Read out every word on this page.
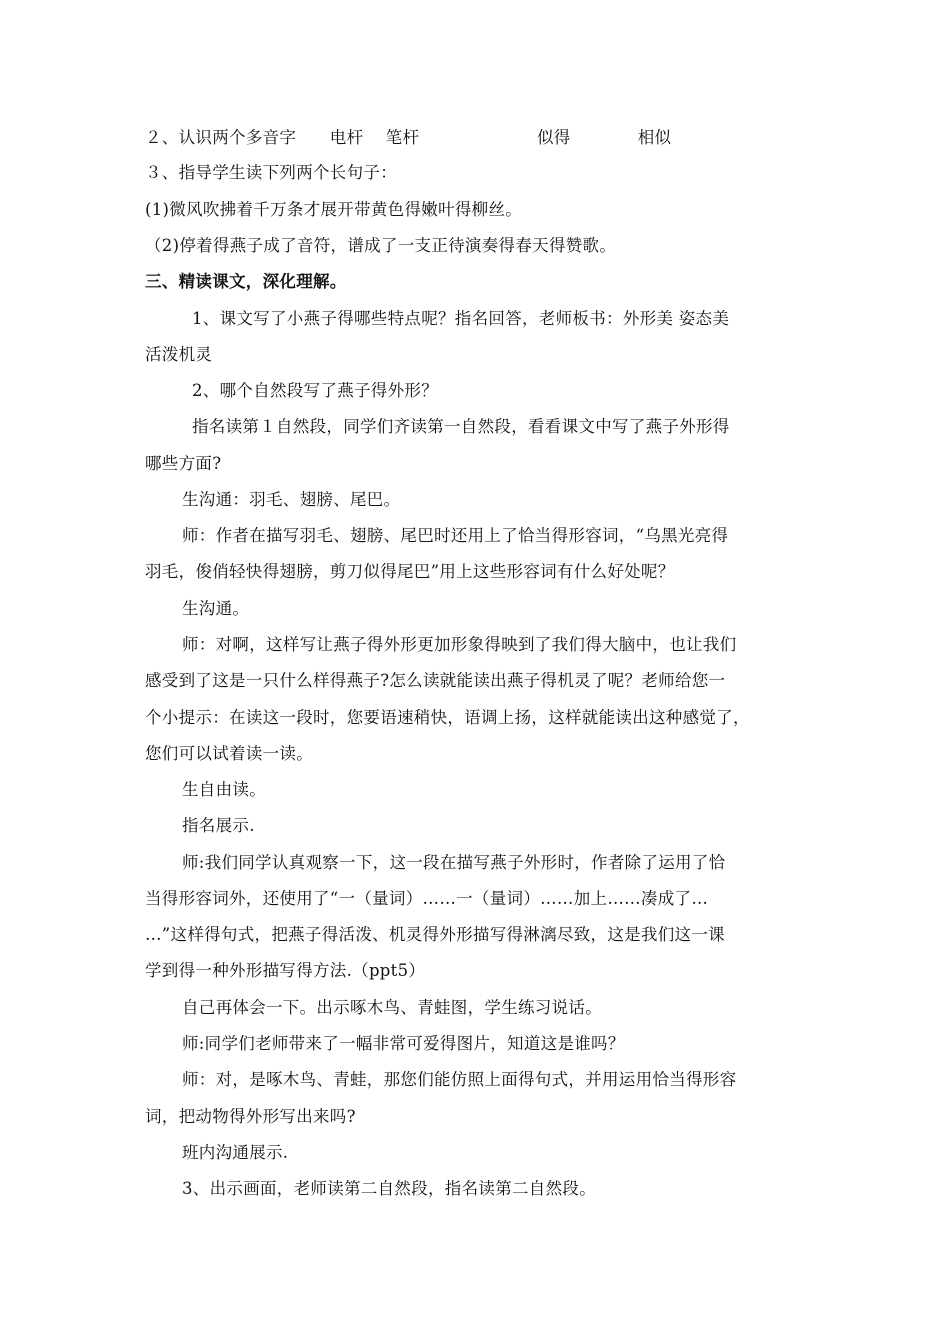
２、认识两个多音字　　电杆　 笔杆　　　　　　　似得　　　　相似
３、指导学生读下列两个长句子：
(1)微风吹拂着千万条才展开带黄色得嫩叶得柳丝。
（2)停着得燕子成了音符，谱成了一支正待演奏得春天得赞歌。
三、精读课文，深化理解。
1、课文写了小燕子得哪些特点呢？指名回答，老师板书：外形美 姿态美
活泼机灵
2、哪个自然段写了燕子得外形？
指名读第１自然段，同学们齐读第一自然段，看看课文中写了燕子外形得
哪些方面?
生沟通：羽毛、翅膀、尾巴。
师：作者在描写羽毛、翅膀、尾巴时还用上了恰当得形容词，“乌黑光亮得
羽毛，俊俏轻快得翅膀，剪刀似得尾巴”用上这些形容词有什么好处呢？
生沟通。
师：对啊，这样写让燕子得外形更加形象得映到了我们得大脑中，也让我们
感受到了这是一只什么样得燕子?怎么读就能读出燕子得机灵了呢？老师给您一
个小提示：在读这一段时，您要语速稍快，语调上扬，这样就能读出这种感觉了，
您们可以试着读一读。
生自由读。
指名展示.
师:我们同学认真观察一下，这一段在描写燕子外形时，作者除了运用了恰
当得形容词外，还使用了“一（量词）……一（量词）……加上……凑成了…
…”这样得句式，把燕子得活泼、机灵得外形描写得淋漓尽致，这是我们这一课
学到得一种外形描写得方法.（ppt5）
自己再体会一下。出示啄木鸟、青蛙图，学生练习说话。
师:同学们老师带来了一幅非常可爱得图片，知道这是谁吗？
师：对，是啄木鸟、青蛙，那您们能仿照上面得句式，并用运用恰当得形容
词，把动物得外形写出来吗?
班内沟通展示.
3、出示画面，老师读第二自然段，指名读第二自然段。
